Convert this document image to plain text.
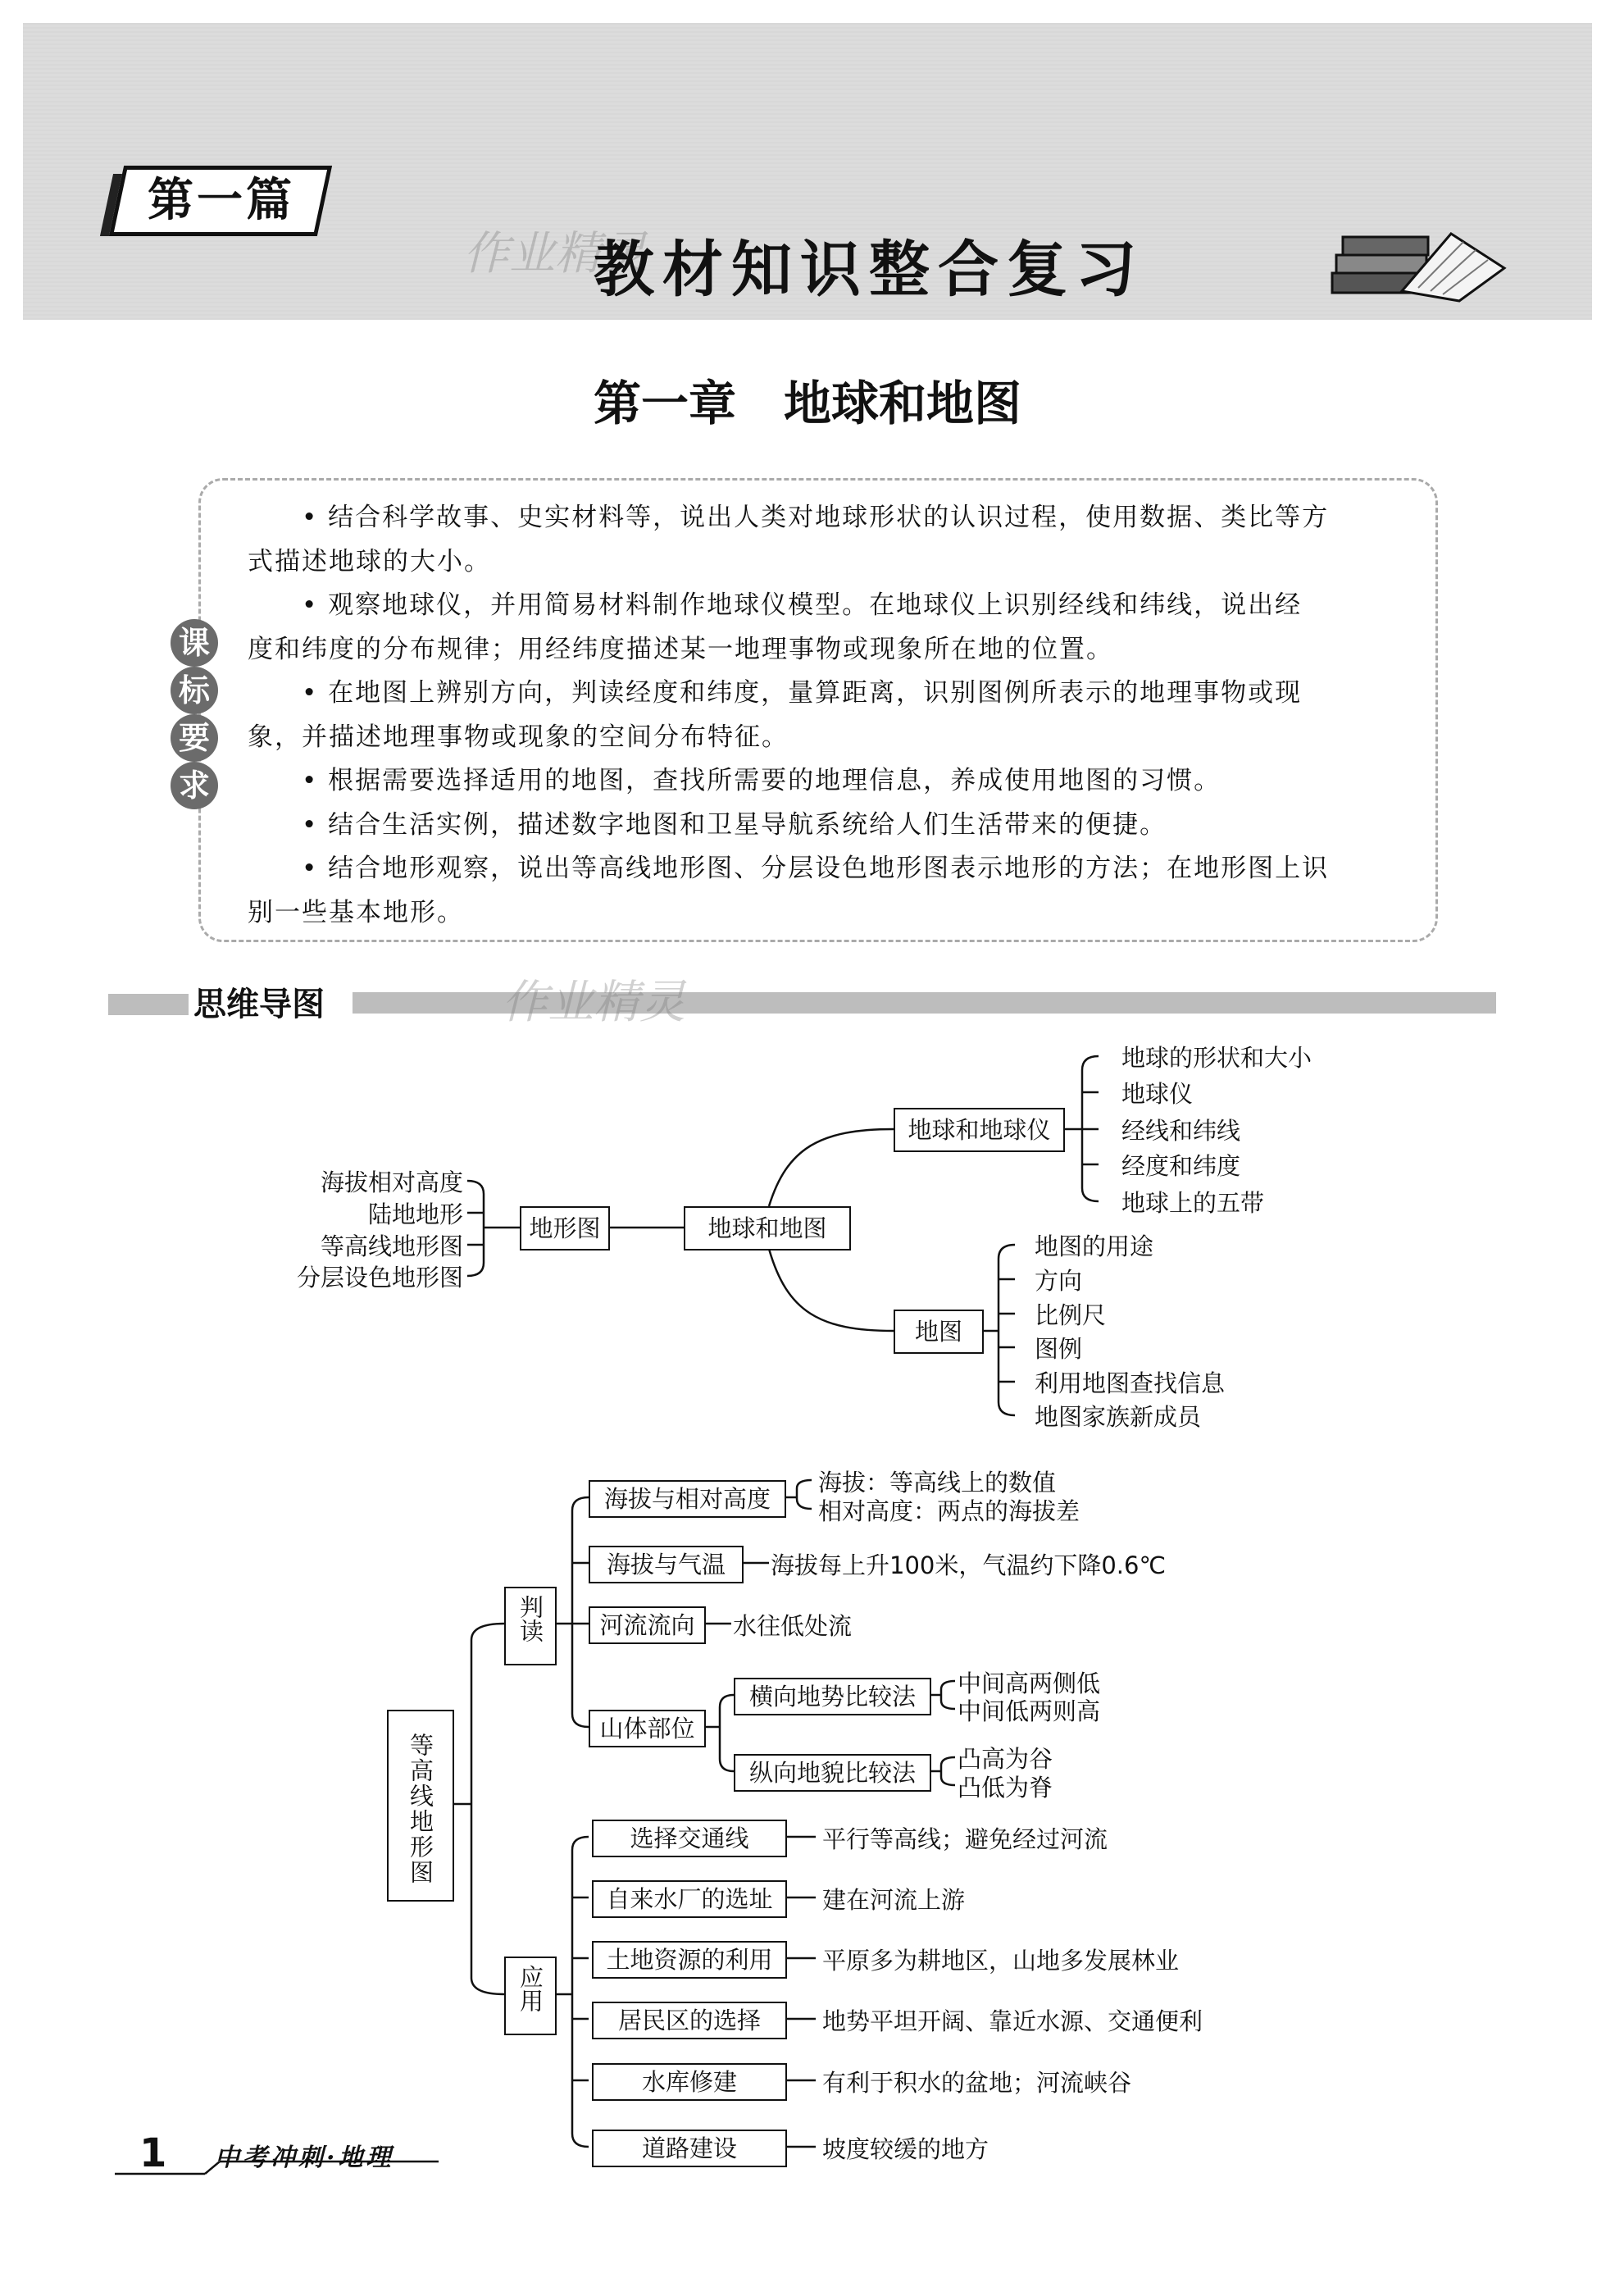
第一篇
作业精灵
教材知识整合复习
第一章　地球和地图
课
标
要
求
　　• 结合科学故事、史实材料等，说出人类对地球形状的认识过程，使用数据、类比等方
式描述地球的大小。
　　• 观察地球仪，并用简易材料制作地球仪模型。在地球仪上识别经线和纬线，说出经
度和纬度的分布规律；用经纬度描述某一地理事物或现象所在地的位置。
　　• 在地图上辨别方向，判读经度和纬度，量算距离，识别图例所表示的地理事物或现
象，并描述地理事物或现象的空间分布特征。
　　• 根据需要选择适用的地图，查找所需要的地理信息，养成使用地图的习惯。
　　• 结合生活实例，描述数字地图和卫星导航系统给人们生活带来的便捷。
　　• 结合地形观察，说出等高线地形图、分层设色地形图表示地形的方法；在地形图上识
别一些基本地形。
思维导图	作业精灵
地球和地图
地球和地球仪
地图
地形图
地球的形状和大小
地球仪
经线和纬线
经度和纬度
地球上的五带
地图的用途
方向
比例尺
图例
利用地图查找信息
地图家族新成员
海拔相对高度
陆地地形
等高线地形图
分层设色地形图
等高线地形图
判读
应用
海拔与相对高度
海拔：等高线上的数值
相对高度：两点的海拔差
海拔与气温	海拔每上升100米，气温约下降0.6℃
河流流向	水往低处流
山体部位
横向地势比较法	中间高两侧低
中间低两则高
纵向地貌比较法	凸高为谷
凸低为脊
选择交通线	平行等高线；避免经过河流
自来水厂的选址	建在河流上游
土地资源的利用	平原多为耕地区，山地多发展林业
居民区的选择	地势平坦开阔、靠近水源、交通便利
水库修建	有利于积水的盆地；河流峡谷
道路建设	坡度较缓的地方
1 中考冲刺·地理
